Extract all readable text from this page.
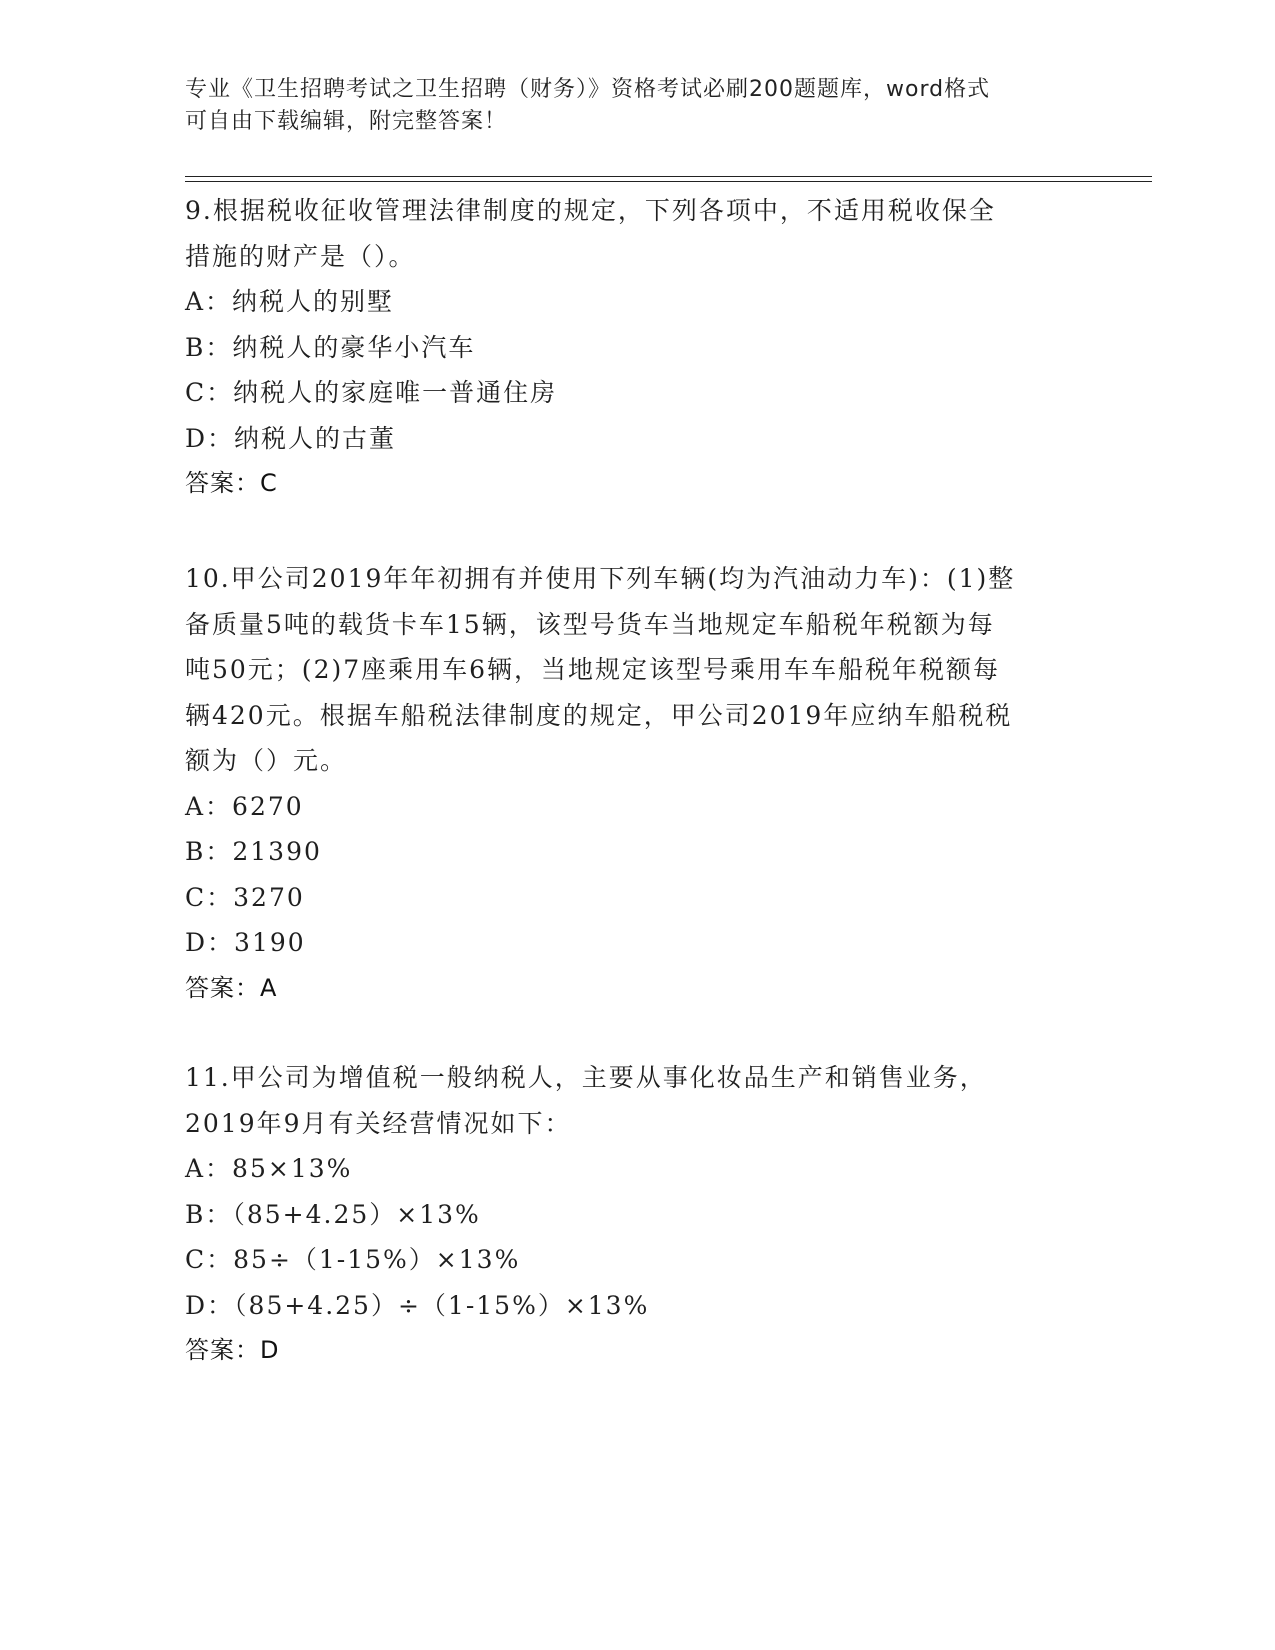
专业《卫生招聘考试之卫生招聘（财务）》资格考试必刷200题题库，word格式
可自由下载编辑，附完整答案！
9.根据税收征收管理法律制度的规定，下列各项中，不适用税收保全
措施的财产是（）。
A：纳税人的别墅
B：纳税人的豪华小汽车
C：纳税人的家庭唯一普通住房
D：纳税人的古董
答案：C
10.甲公司2019年年初拥有并使用下列车辆(均为汽油动力车)：(1)整
备质量5吨的载货卡车15辆，该型号货车当地规定车船税年税额为每
吨50元；(2)7座乘用车6辆，当地规定该型号乘用车车船税年税额每
辆420元。根据车船税法律制度的规定，甲公司2019年应纳车船税税
额为（）元。
A：6270
B：21390
C：3270
D：3190
答案：A
11.甲公司为增值税一般纳税人，主要从事化妆品生产和销售业务，
2019年9月有关经营情况如下：
A：85×13%
B：（85+4.25）×13%
C：85÷（1-15%）×13%
D：（85+4.25）÷（1-15%）×13%
答案：D
